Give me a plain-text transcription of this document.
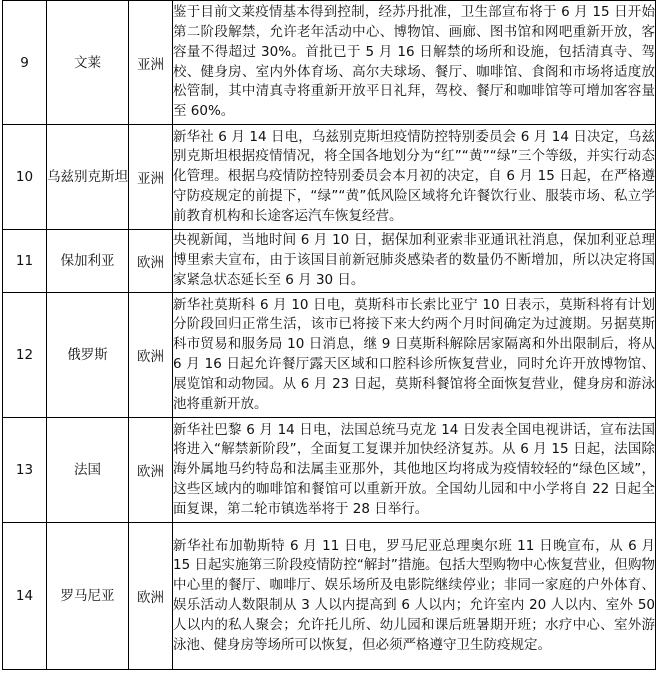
9	文莱	亚洲	鉴于目前文莱疫情基本得到控制，经苏丹批准，卫生部宣布将于 6 月 15 日开始第二阶段解禁，允许老年活动中心、博物馆、画廊、图书馆和网吧重新开放，客容量不得超过 30%。首批已于 5 月 16 日解禁的场所和设施，包括清真寺、驾校、健身房、室内外体育场、高尔夫球场、餐厅、咖啡馆、食阁和市场将适度放松管制，其中清真寺将重新开放平日礼拜，驾校、餐厅和咖啡馆等可增加客容量至 60%。
10	乌兹别克斯坦	亚洲	新华社 6 月 14 日电，乌兹别克斯坦疫情防控特别委员会 6 月 14 日决定，乌兹别克斯坦根据疫情情况，将全国各地划分为“红”“黄”“绿”三个等级，并实行动态化管理。根据乌疫情防控特别委员会本月初的决定，自 6 月 15 日起，在严格遵守防疫规定的前提下，“绿”“黄”低风险区域将允许餐饮行业、服装市场、私立学前教育机构和长途客运汽车恢复经营。
11	保加利亚	欧洲	央视新闻，当地时间 6 月 10 日，据保加利亚索非亚通讯社消息，保加利亚总理博里索夫宣布，由于该国目前新冠肺炎感染者的数量仍不断增加，所以决定将国家紧急状态延长至 6 月 30 日。
12	俄罗斯	欧洲	新华社莫斯科 6 月 10 日电，莫斯科市长索比亚宁 10 日表示，莫斯科将有计划分阶段回归正常生活，该市已将接下来大约两个月时间确定为过渡期。另据莫斯科市贸易和服务局 10 日消息，继 9 日莫斯科解除居家隔离和外出限制后，将从 6 月 16 日起允许餐厅露天区域和口腔科诊所恢复营业，同时允许开放博物馆、展览馆和动物园。从 6 月 23 日起，莫斯科餐馆将全面恢复营业，健身房和游泳池将重新开放。
13	法国	欧洲	新华社巴黎 6 月 14 日电，法国总统马克龙 14 日发表全国电视讲话，宣布法国将进入“解禁新阶段”，全面复工复课并加快经济复苏。从 6 月 15 日起，法国除海外属地马约特岛和法属圭亚那外，其他地区均将成为疫情较轻的“绿色区域”，这些区域内的咖啡馆和餐馆可以重新开放。全国幼儿园和中小学将自 22 日起全面复课，第二轮市镇选举将于 28 日举行。
14	罗马尼亚	欧洲	新华社布加勒斯特 6 月 11 日电，罗马尼亚总理奥尔班 11 日晚宣布，从 6 月 15 日起实施第三阶段疫情防控“解封”措施。包括大型购物中心恢复营业，但购物中心里的餐厅、咖啡厅、娱乐场所及电影院继续停业；非同一家庭的户外体育、娱乐活动人数限制从 3 人以内提高到 6 人以内；允许室内 20 人以内、室外 50 人以内的私人聚会；允许托儿所、幼儿园和课后班暑期开班；水疗中心、室外游泳池、健身房等场所可以恢复，但必须严格遵守卫生防疫规定。
